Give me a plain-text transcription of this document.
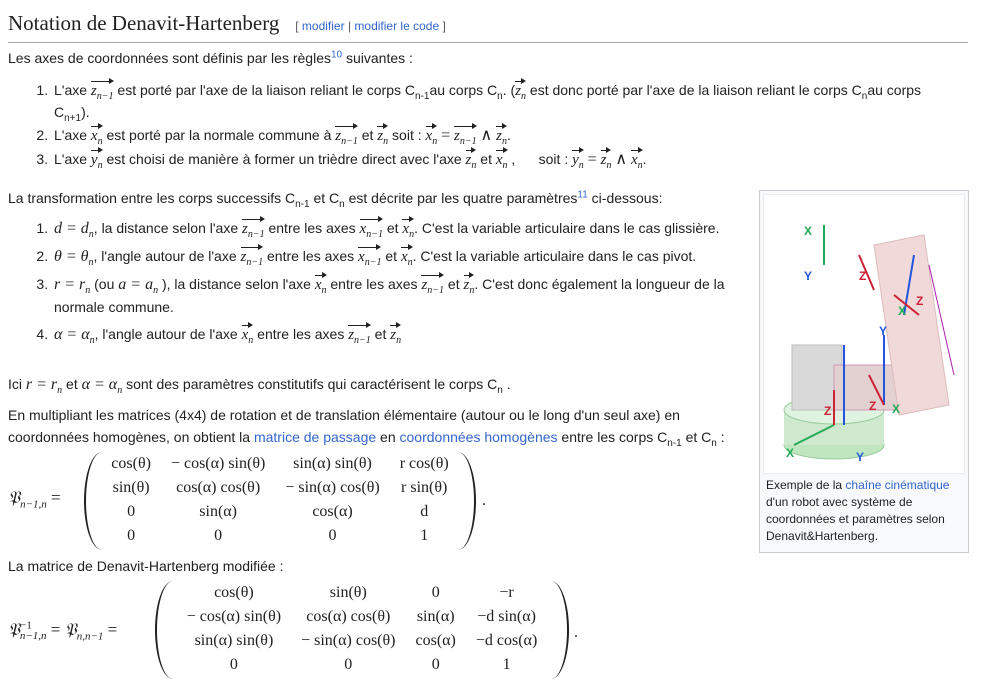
Notation de Denavit-Hartenberg [ modifier | modifier le code ]
Les axes de coordonnées sont définis par les règles$^{10}$ suivantes :
1. L'axe $z_{n-1}$ est porté par l'axe de la liaison reliant le corps $C_{n-1}au$ corps $C_n$. ($z_n$ est donc porté par l'axe de la liaison reliant le corps $C_nau$ corps $C_{n+1}$).
2. L'axe $x_n$ est porté par la normale commune à $z_{n-1}$ et $z_n$ soit : $x_n = z_{n-1}$ ∧ $z_n$.
3. L'axe $y_n$ est choisi de manière à former un trièdre direct avec l'axe $z_n$ et $x_n$ ,      soit : $y_n = z_n$ ∧ $x_n$.
La transformation entre les corps successifs $C_{n-1}$ et $C_n$ est décrite par les quatre paramètres$^{11}$ ci-dessous:
1. $d = d_n$, la distance selon l'axe $z_{n-1}$ entre les axes $x_{n-1}$ et $x_n$. C'est la variable articulaire dans le cas glissière.
2. $\theta = \theta_n$, l'angle autour de l'axe $z_{n-1}$ entre les axes $x_{n-1}$ et $x_n$. C'est la variable articulaire dans le cas pivot.
3. $r = r_n$ (ou $a = a_n$ ), la distance selon l'axe $x_n$ entre les axes $z_{n-1}$ et $z_n$. C'est donc également la longueur de la normale commune.
4. $\alpha = \alpha_n$, l'angle autour de l'axe $x_n$ entre les axes $z_{n-1}$ et $z_n$
Ici $r = r_n$ et $\alpha = \alpha_n$ sont des paramètres constitutifs qui caractérisent le corps $C_n$ .
En multipliant les matrices (4x4) de rotation et de translation élémentaire (autour ou le long d'un seul axe) en coordonnées homogènes, on obtient la matrice de passage en coordonnées homogènes entre les corps $C_{n-1}$ et $C_n$ :
𝔓$_{n-1,n}$ =
cos(θ)	− cos(α) sin(θ)	sin(α) sin(θ)	r cos(θ)
sin(θ)	cos(α) cos(θ)	− sin(α) cos(θ)	r sin(θ)
0	sin(α)	cos(α)	d
0	0	0	1
.
La matrice de Denavit-Hartenberg modifiée :
𝔓$^{-1}_{n-1,n}$ = 𝔓$_{n,n-1}$ =
cos(θ)	sin(θ)	0	−r
− cos(α) sin(θ)	cos(α) cos(θ)	sin(α)	−d sin(α)
sin(α) sin(θ)	− sin(α) cos(θ)	cos(α)	−d cos(α)
0	0	0	1
.
X
Y	Z
Z
X
Y
Z	Z X
X	Y
Exemple de la chaîne cinématique d'un robot avec système de coordonnées et paramètres selon Denavit&Hartenberg.
